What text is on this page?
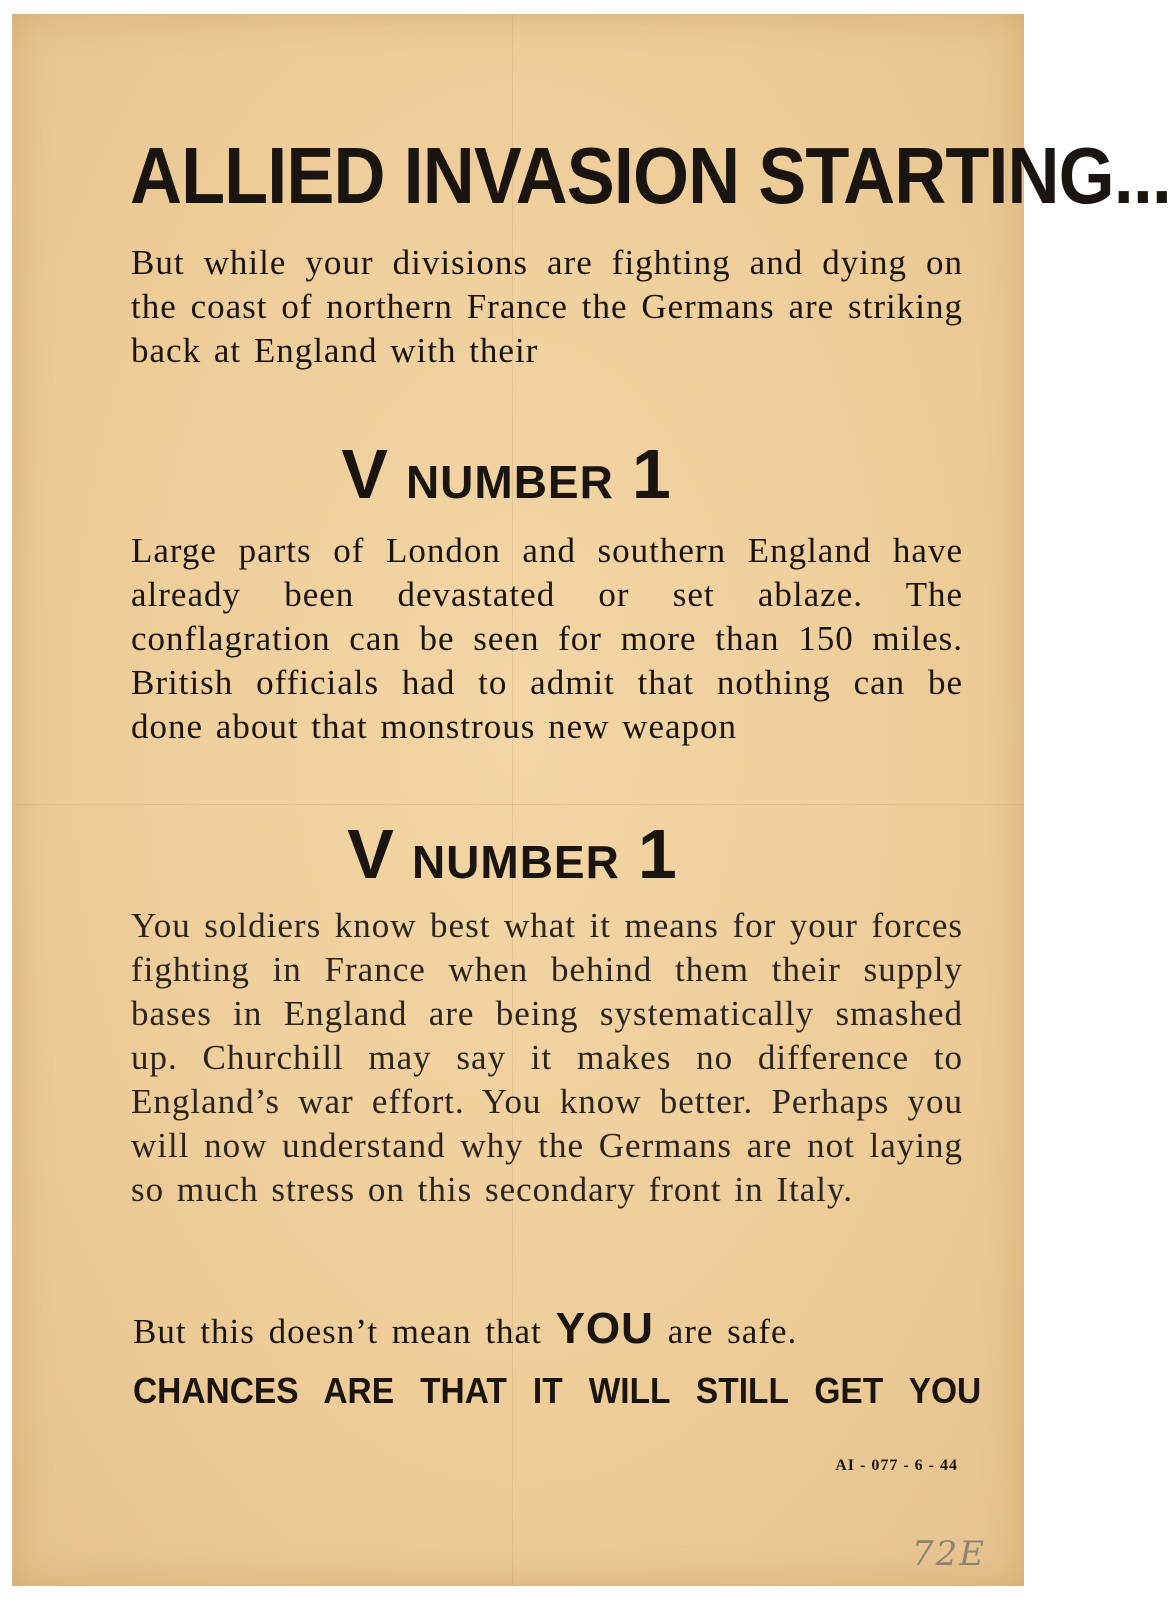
ALLIED INVASION STARTING...
But while your divisions are fighting and dying on the coast of northern France the Germans are striking back at England with their
VNUMBER 1
Large parts of London and southern England have already been devastated or set ablaze. The conflagration can be seen for more than 150 miles. British officials had to admit that nothing can be done about that monstrous new weapon
VNUMBER 1
You soldiers know best what it means for your forces fighting in France when behind them their supply bases in England are being systematically smashed up. Churchill may say it makes no difference to England’s war effort. You know better. Perhaps you will now understand why the Germans are not laying so much stress on this secondary front in Italy.
But this doesn’t mean that YOU are safe.
CHANCES ARE THAT IT WILL STILL GET YOU
AI - 077 - 6 - 44
72E
